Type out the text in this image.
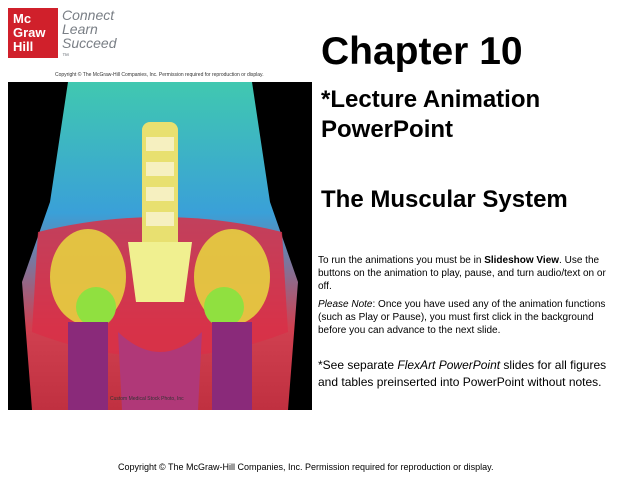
Mc
Graw
Hill
Connect
Learn
Succeed
™
Copyright © The McGraw-Hill Companies, Inc. Permission required for reproduction or display.
Custom Medical Stock Photo, Inc
Chapter 10
*Lecture Animation
PowerPoint
The Muscular System
To run the animations you must be in Slideshow View. Use the buttons on the animation to play, pause, and turn audio/text on or off.
Please Note: Once you have used any of the animation functions (such as Play or Pause), you must first click in the background before you can advance to the next slide.
*See separate FlexArt PowerPoint slides for all figures and tables preinserted into PowerPoint without notes.
Copyright © The McGraw-Hill Companies, Inc. Permission required for reproduction or display.
